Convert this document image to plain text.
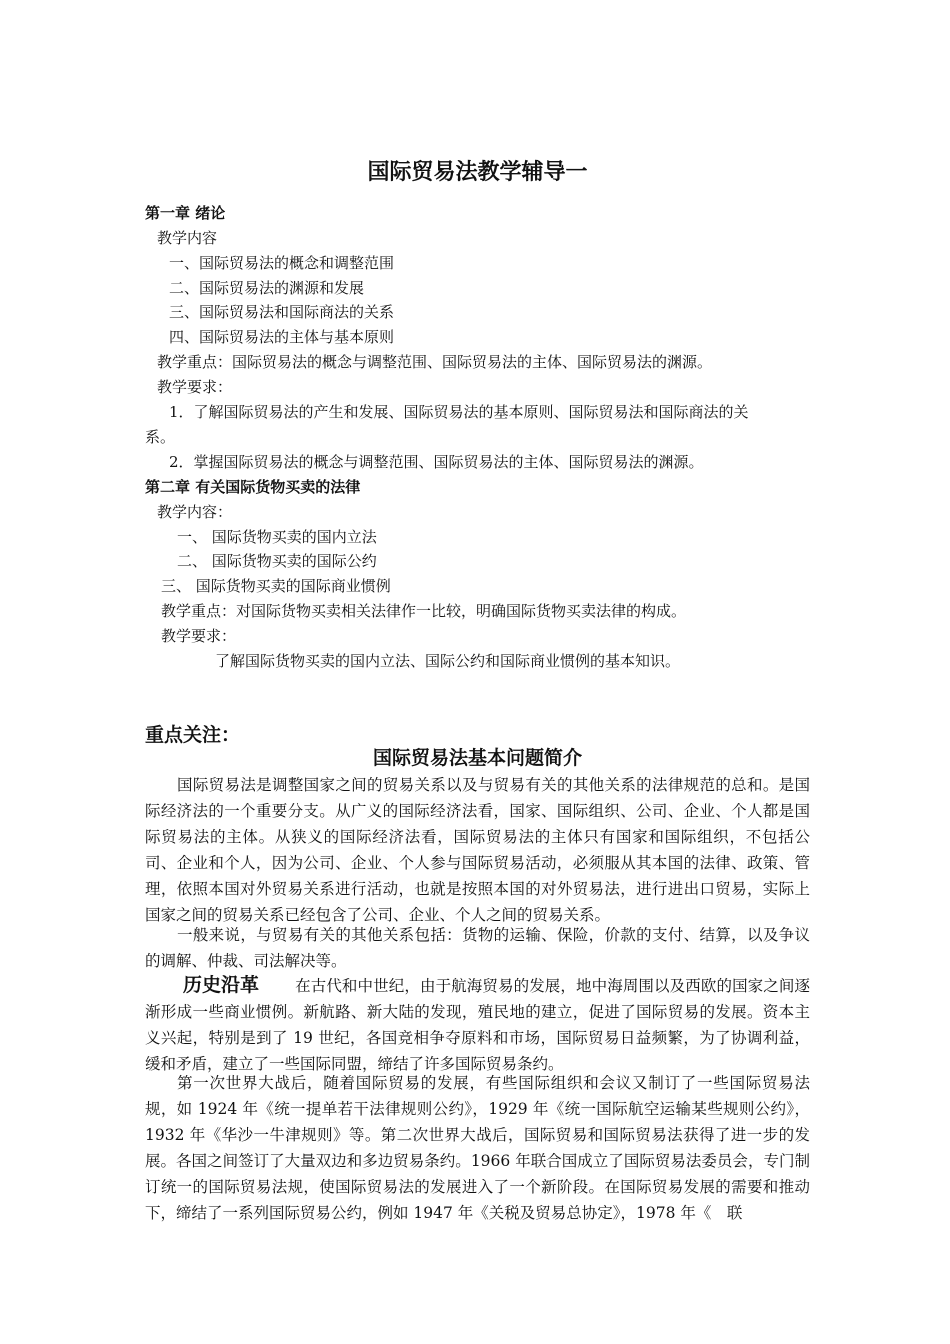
国际贸易法教学辅导一
第一章 绪论
教学内容
一、国际贸易法的概念和调整范围
二、国际贸易法的渊源和发展
三、国际贸易法和国际商法的关系
四、国际贸易法的主体与基本原则
教学重点：国际贸易法的概念与调整范围、国际贸易法的主体、国际贸易法的渊源。
教学要求：
1．了解国际贸易法的产生和发展、国际贸易法的基本原则、国际贸易法和国际商法的关
系。
2．掌握国际贸易法的概念与调整范围、国际贸易法的主体、国际贸易法的渊源。
第二章 有关国际货物买卖的法律
教学内容：
一、 国际货物买卖的国内立法
二、 国际货物买卖的国际公约
三、 国际货物买卖的国际商业惯例
教学重点：对国际货物买卖相关法律作一比较，明确国际货物买卖法律的构成。
教学要求：
了解国际货物买卖的国内立法、国际公约和国际商业惯例的基本知识。
重点关注：
国际贸易法基本问题简介
国际贸易法是调整国家之间的贸易关系以及与贸易有关的其他关系的法律规范的总和。是国际经济法的一个重要分支。从广义的国际经济法看，国家、国际组织、公司、企业、个人都是国际贸易法的主体。从狭义的国际经济法看，国际贸易法的主体只有国家和国际组织，不包括公司、企业和个人，因为公司、企业、个人参与国际贸易活动，必须服从其本国的法律、政策、管理，依照本国对外贸易关系进行活动，也就是按照本国的对外贸易法，进行进出口贸易，实际上国家之间的贸易关系已经包含了公司、企业、个人之间的贸易关系。
一般来说，与贸易有关的其他关系包括：货物的运输、保险，价款的支付、结算，以及争议的调解、仲裁、司法解决等。
历史沿革 在古代和中世纪，由于航海贸易的发展，地中海周围以及西欧的国家之间逐渐形成一些商业惯例。新航路、新大陆的发现，殖民地的建立，促进了国际贸易的发展。资本主义兴起，特别是到了 19 世纪，各国竞相争夺原料和市场，国际贸易日益频繁，为了协调利益，缓和矛盾，建立了一些国际同盟，缔结了许多国际贸易条约。
第一次世界大战后，随着国际贸易的发展，有些国际组织和会议又制订了一些国际贸易法规，如 1924 年《统一提单若干法律规则公约》，1929 年《统一国际航空运输某些规则公约》，1932 年《华沙一牛津规则》等。第二次世界大战后，国际贸易和国际贸易法获得了进一步的发展。各国之间签订了大量双边和多边贸易条约。1966 年联合国成立了国际贸易法委员会，专门制订统一的国际贸易法规，使国际贸易法的发展进入了一个新阶段。在国际贸易发展的需要和推动下，缔结了一系列国际贸易公约，例如 1947 年《关税及贸易总协定》，1978 年《　联
